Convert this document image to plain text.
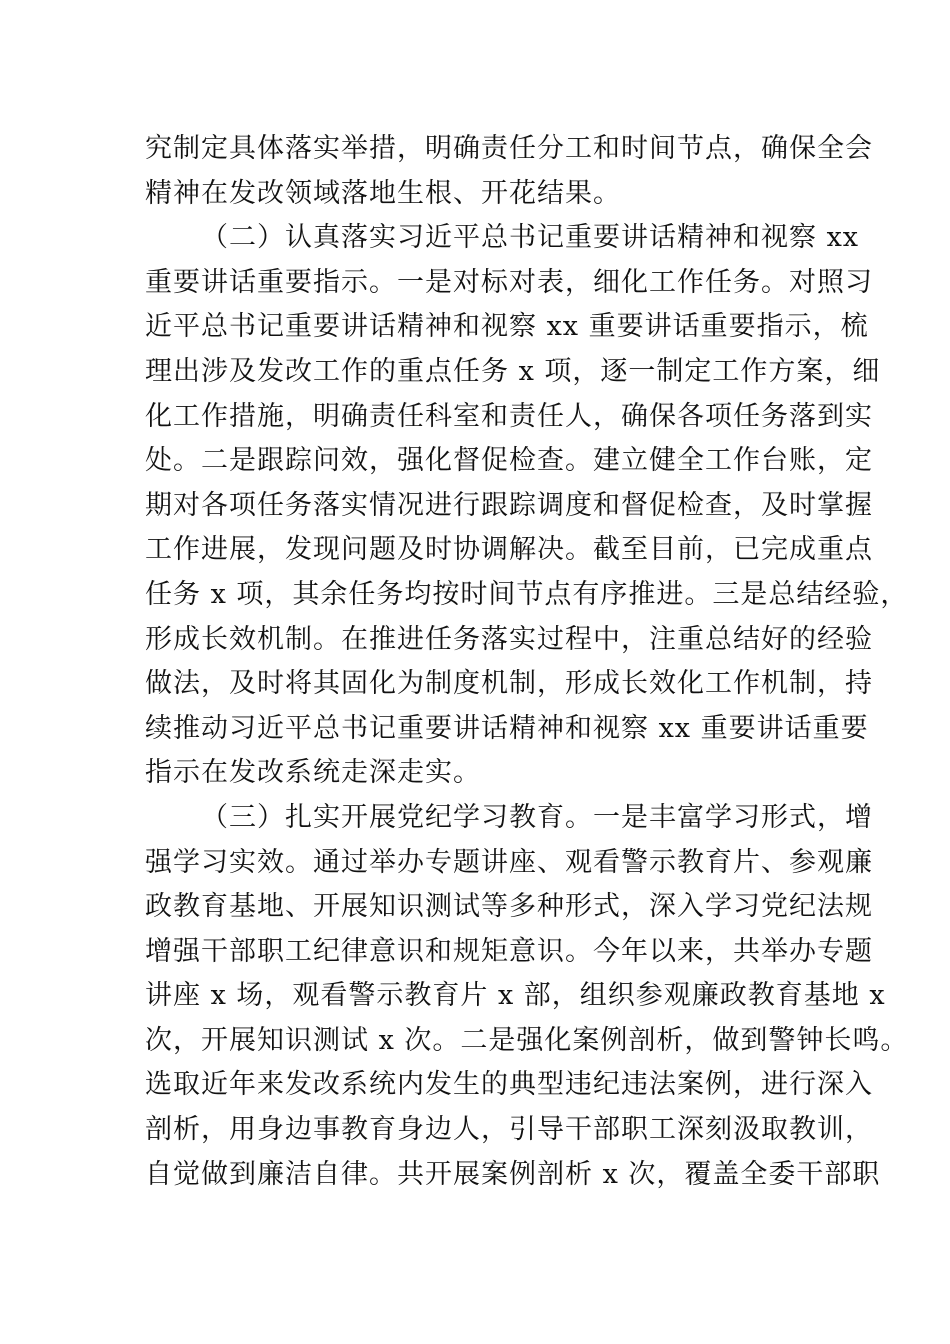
究制定具体落实举措，明确责任分工和时间节点，确保全会
精神在发改领域落地生根、开花结果。
（二）认真落实习近平总书记重要讲话精神和视察 xx
重要讲话重要指示。一是对标对表，细化工作任务。对照习
近平总书记重要讲话精神和视察 xx 重要讲话重要指示，梳
理出涉及发改工作的重点任务 x 项，逐一制定工作方案，细
化工作措施，明确责任科室和责任人，确保各项任务落到实
处。二是跟踪问效，强化督促检查。建立健全工作台账，定
期对各项任务落实情况进行跟踪调度和督促检查，及时掌握
工作进展，发现问题及时协调解决。截至目前，已完成重点
任务 x 项，其余任务均按时间节点有序推进。三是总结经验，
形成长效机制。在推进任务落实过程中，注重总结好的经验
做法，及时将其固化为制度机制，形成长效化工作机制，持
续推动习近平总书记重要讲话精神和视察 xx 重要讲话重要
指示在发改系统走深走实。
（三）扎实开展党纪学习教育。一是丰富学习形式，增
强学习实效。通过举办专题讲座、观看警示教育片、参观廉
政教育基地、开展知识测试等多种形式，深入学习党纪法规
增强干部职工纪律意识和规矩意识。今年以来，共举办专题
讲座 x 场，观看警示教育片 x 部，组织参观廉政教育基地 x
次，开展知识测试 x 次。二是强化案例剖析，做到警钟长鸣。
选取近年来发改系统内发生的典型违纪违法案例，进行深入
剖析，用身边事教育身边人，引导干部职工深刻汲取教训，
自觉做到廉洁自律。共开展案例剖析 x 次，覆盖全委干部职
